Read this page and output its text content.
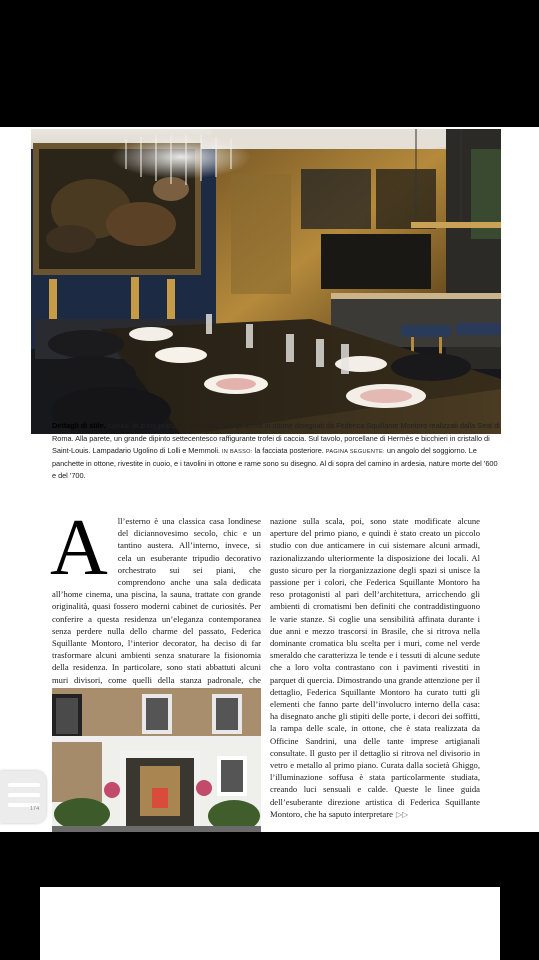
Dettagli di stile. SOPRA: la zona pranzo e la cucina, con gli arredi in ottone disegnati da Federica Squillante Montoro realizzati dalla Seat di Roma. Alla parete, un grande dipinto settecentesco raffigurante trofei di caccia. Sul tavolo, porcellane di Hermès e bicchieri in cristallo di Saint-Louis. Lampadario Ugolino di Lolli e Memmoli. IN BASSO: la facciata posteriore. PAGINA SEGUENTE: un angolo del soggiorno. Le panchette in ottone, rivestite in cuoio, e i tavolini in ottone e rame sono su disegno. Al di sopra del camino in ardesia, nature morte del ’600 e del ’700.
A ll’esterno è una classica casa londinese del diciannovesimo secolo, chic e un tantino austera. All’interno, invece, si cela un esuberante tripudio decorativo orchestrato sui sei piani, che comprendono anche una sala dedicata all’home cinema, una piscina, la sauna, trattate con grande originalità, quasi fossero moderni cabinet de curiosités. Per conferire a questa residenza un’eleganza contemporanea senza perdere nulla dello charme del passato, Federica Squillante Montoro, l’interior decorator, ha deciso di far trasformare alcuni ambienti senza snaturare la fisionomia della residenza. In particolare, sono stati abbattuti alcuni muri divisori, come quelli della stanza padronale, che
nazione sulla scala, poi, sono state modificate alcune aperture del primo piano, e quindi è stato creato un piccolo studio con due anticamere in cui sistemare alcuni armadi, razionalizzando ulteriormente la disposizione dei locali. Al gusto sicuro per la riorganizzazione degli spazi si unisce la passione per i colori, che Federica Squillante Montoro ha reso protagonisti al pari dell’architettura, arricchendo gli ambienti di cromatismi ben definiti che contraddistinguono le varie stanze. Si coglie una sensibilità affinata durante i due anni e mezzo trascorsi in Brasile, che si ritrova nella dominante cromatica blu scelta per i muri, come nel verde smeraldo che caratterizza le tende e i tessuti di alcune sedute che a loro volta contrastano con i pavimenti rivestiti in parquet di quercia. Dimostrando una grande attenzione per il dettaglio, Federica Squillante Montoro ha curato tutti gli elementi che fanno parte dell’involucro interno della casa: ha disegnato anche gli stipiti delle porte, i decori dei soffitti, la rampa delle scale, in ottone, che è stata realizzata da Officine Sandrini, una delle tante imprese artigianali consultate. Il gusto per il dettaglio si ritrova nel divisorio in vetro e metallo al primo piano. Curata dalla società Ghiggo, l’illuminazione soffusa è stata particolarmente studiata, creando luci sensuali e calde. Queste le linee guida dell’esuberante direzione artistica di Federica Squillante Montoro, che ha saputo interpretare ▷▷
174
